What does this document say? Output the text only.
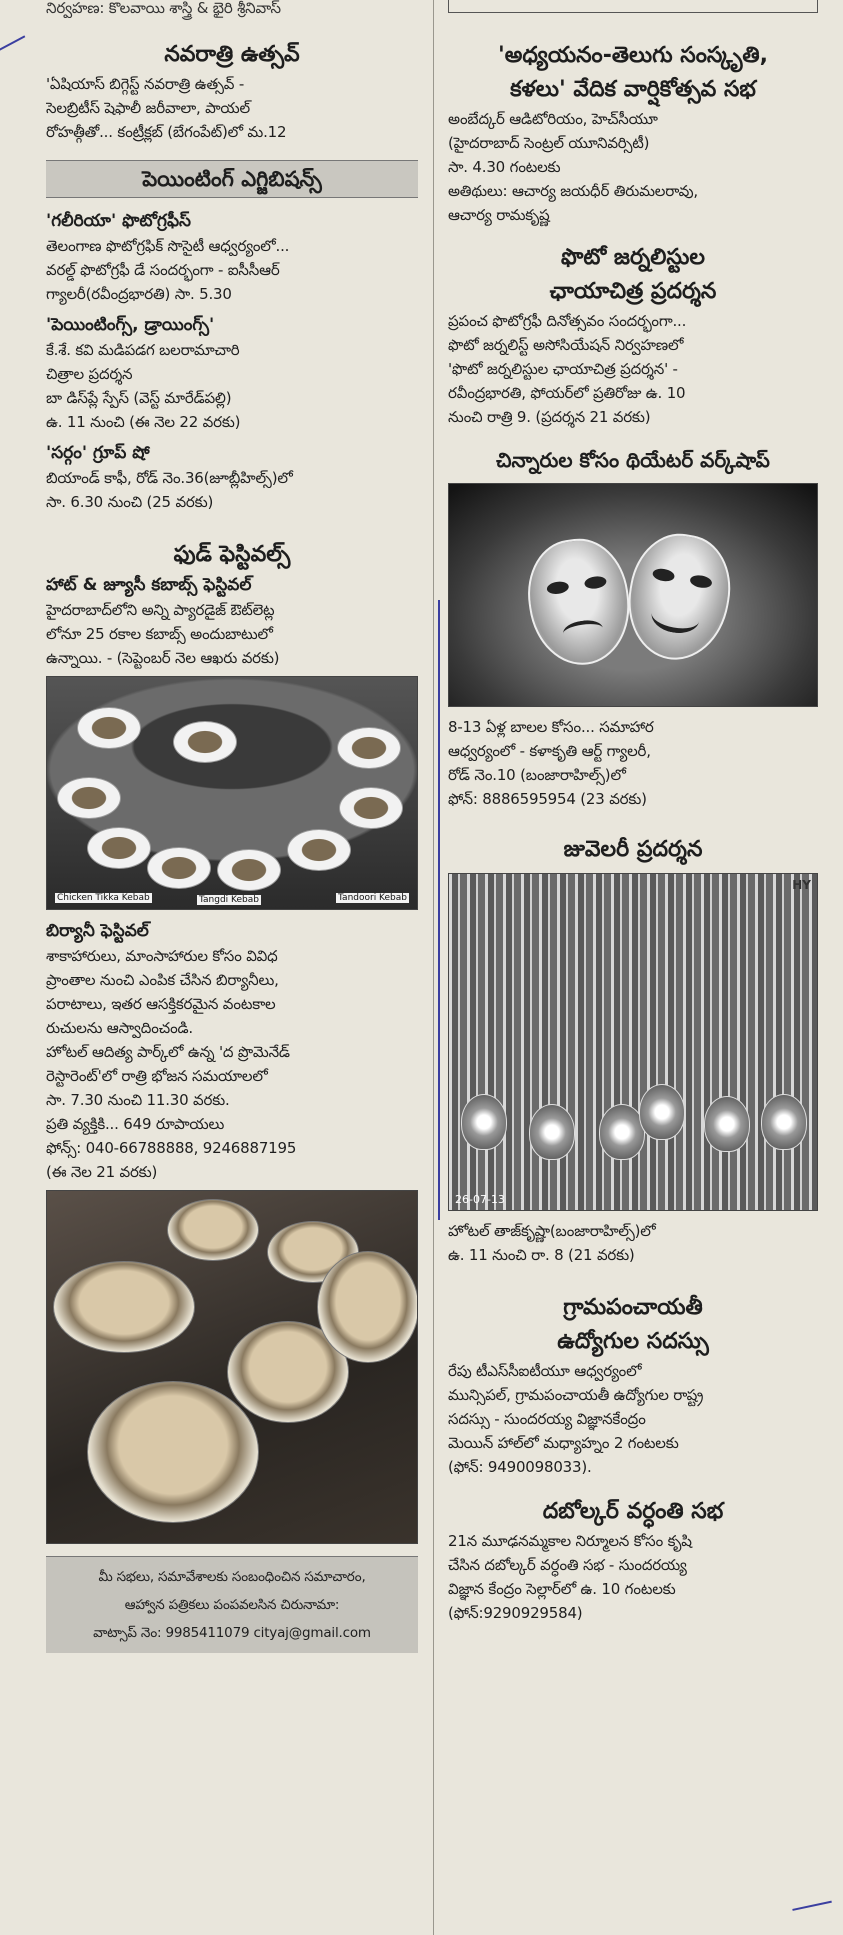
నిర్వహణ: కొలవాయి శాస్త్రి & భైరి శ్రీనివాస్
నవరాత్రి ఉత్సవ్
'ఏషియాస్ బిగ్గెస్ట్ నవరాత్రి ఉత్సవ్ -
సెలబ్రిటీస్ షెఫాలీ జరీవాలా, పాయల్
రోహత్గీతో... కంట్రీక్లబ్ (బేగంపేట్)లో మ.12
పెయింటింగ్ ఎగ్జిబిషన్స్
'గలీరియా' ఫొటోగ్రఫీస్
తెలంగాణ ఫొటోగ్రఫిక్ సొసైటీ ఆధ్వర్యంలో...
వరల్డ్ ఫొటోగ్రఫీ డే సందర్భంగా - ఐసీసీఆర్
గ్యాలరీ(రవీంద్రభారతి) సా. 5.30
'పెయింటింగ్స్, డ్రాయింగ్స్'
కే.శే. కవి మడిపడగ బలరామాచారి
చిత్రాల ప్రదర్శన
బా డిస్‌ప్లే స్పేస్ (వెస్ట్ మారేడ్‌పల్లి)
ఉ. 11 నుంచి (ఈ నెల 22 వరకు)
'సర్గం' గ్రూప్ షో
బియాండ్ కాఫీ, రోడ్ నెం.36(జూబ్లీహిల్స్)లో
సా. 6.30 నుంచి (25 వరకు)
ఫుడ్ ఫెస్టివల్స్
హాట్ & జ్యూసీ కబాబ్స్ ఫెస్టివల్
హైదరాబాద్‌లోని అన్ని ప్యారడైజ్ ఔట్‌లెట్ల
లోనూ 25 రకాల కబాబ్స్ అందుబాటులో
ఉన్నాయి. - (సెప్టెంబర్ నెల ఆఖరు వరకు)
Chicken Tikka Kebab	Tangdi Kebab	Tandoori Kebab
బిర్యానీ ఫెస్టివల్
శాకాహారులు, మాంసాహారుల కోసం వివిధ
ప్రాంతాల నుంచి ఎంపిక చేసిన బిర్యానీలు,
పరాటాలు, ఇతర ఆసక్తికరమైన వంటకాల
రుచులను ఆస్వాదించండి.
హోటల్ ఆదిత్య పార్క్‌లో ఉన్న 'ద ప్రొమెనేడ్
రెస్టారెంట్'లో రాత్రి భోజన సమయాలలో
సా. 7.30 నుంచి 11.30 వరకు.
ప్రతి వ్యక్తికి... 649 రూపాయలు
ఫోన్స్: 040-66788888, 9246887195
(ఈ నెల 21 వరకు)
మీ సభలు, సమావేశాలకు సంబంధించిన సమాచారం,
ఆహ్వాన పత్రికలు పంపవలసిన చిరునామా:
వాట్సాప్ నెం: 9985411079 cityaj@gmail.com
'అధ్యయనం-తెలుగు సంస్కృతి,
కళలు' వేదిక వార్షికోత్సవ సభ
అంబేద్కర్ ఆడిటోరియం, హెచ్‌సీయూ
(హైదరాబాద్ సెంట్రల్ యూనివర్సిటీ)
సా. 4.30 గంటలకు
అతిథులు: ఆచార్య జయధీర్ తిరుమలరావు,
ఆచార్య రామకృష్ణ
ఫొటో జర్నలిస్టుల
ఛాయాచిత్ర ప్రదర్శన
ప్రపంచ ఫొటోగ్రఫీ దినోత్సవం సందర్భంగా...
ఫొటో జర్నలిస్ట్ అసోసియేషన్ నిర్వహణలో
'ఫొటో జర్నలిస్టుల ఛాయాచిత్ర ప్రదర్శన' -
రవీంద్రభారతి, ఫోయర్‌లో ప్రతిరోజు ఉ. 10
నుంచి రాత్రి 9. (ప్రదర్శన 21 వరకు)
చిన్నారుల కోసం థియేటర్ వర్క్‌షాప్
8-13 ఏళ్ల బాలల కోసం... సమాహార
ఆధ్వర్యంలో - కళాకృతి ఆర్ట్ గ్యాలరీ,
రోడ్ నెం.10 (బంజారాహిల్స్)లో
ఫోన్: 8886595954 (23 వరకు)
జువెలరీ ప్రదర్శన
HY
26-07-13
హోటల్ తాజ్‌కృష్ణా(బంజారాహిల్స్)లో
ఉ. 11 నుంచి రా. 8 (21 వరకు)
గ్రామపంచాయతీ
ఉద్యోగుల సదస్సు
రేపు టీఎస్‌సీఐటీయూ ఆధ్వర్యంలో
మున్సిపల్, గ్రామపంచాయతీ ఉద్యోగుల రాష్ట్ర
సదస్సు - సుందరయ్య విజ్ఞానకేంద్రం
మెయిన్ హాల్‌లో మధ్యాహ్నం 2 గంటలకు
(ఫోన్: 9490098033).
దబోల్కర్ వర్ధంతి సభ
21న మూఢనమ్మకాల నిర్మూలన కోసం కృషి
చేసిన దబోల్కర్ వర్ధంతి సభ - సుందరయ్య
విజ్ఞాన కేంద్రం సెల్లార్‌లో ఉ. 10 గంటలకు
(ఫోన్:9290929584)
